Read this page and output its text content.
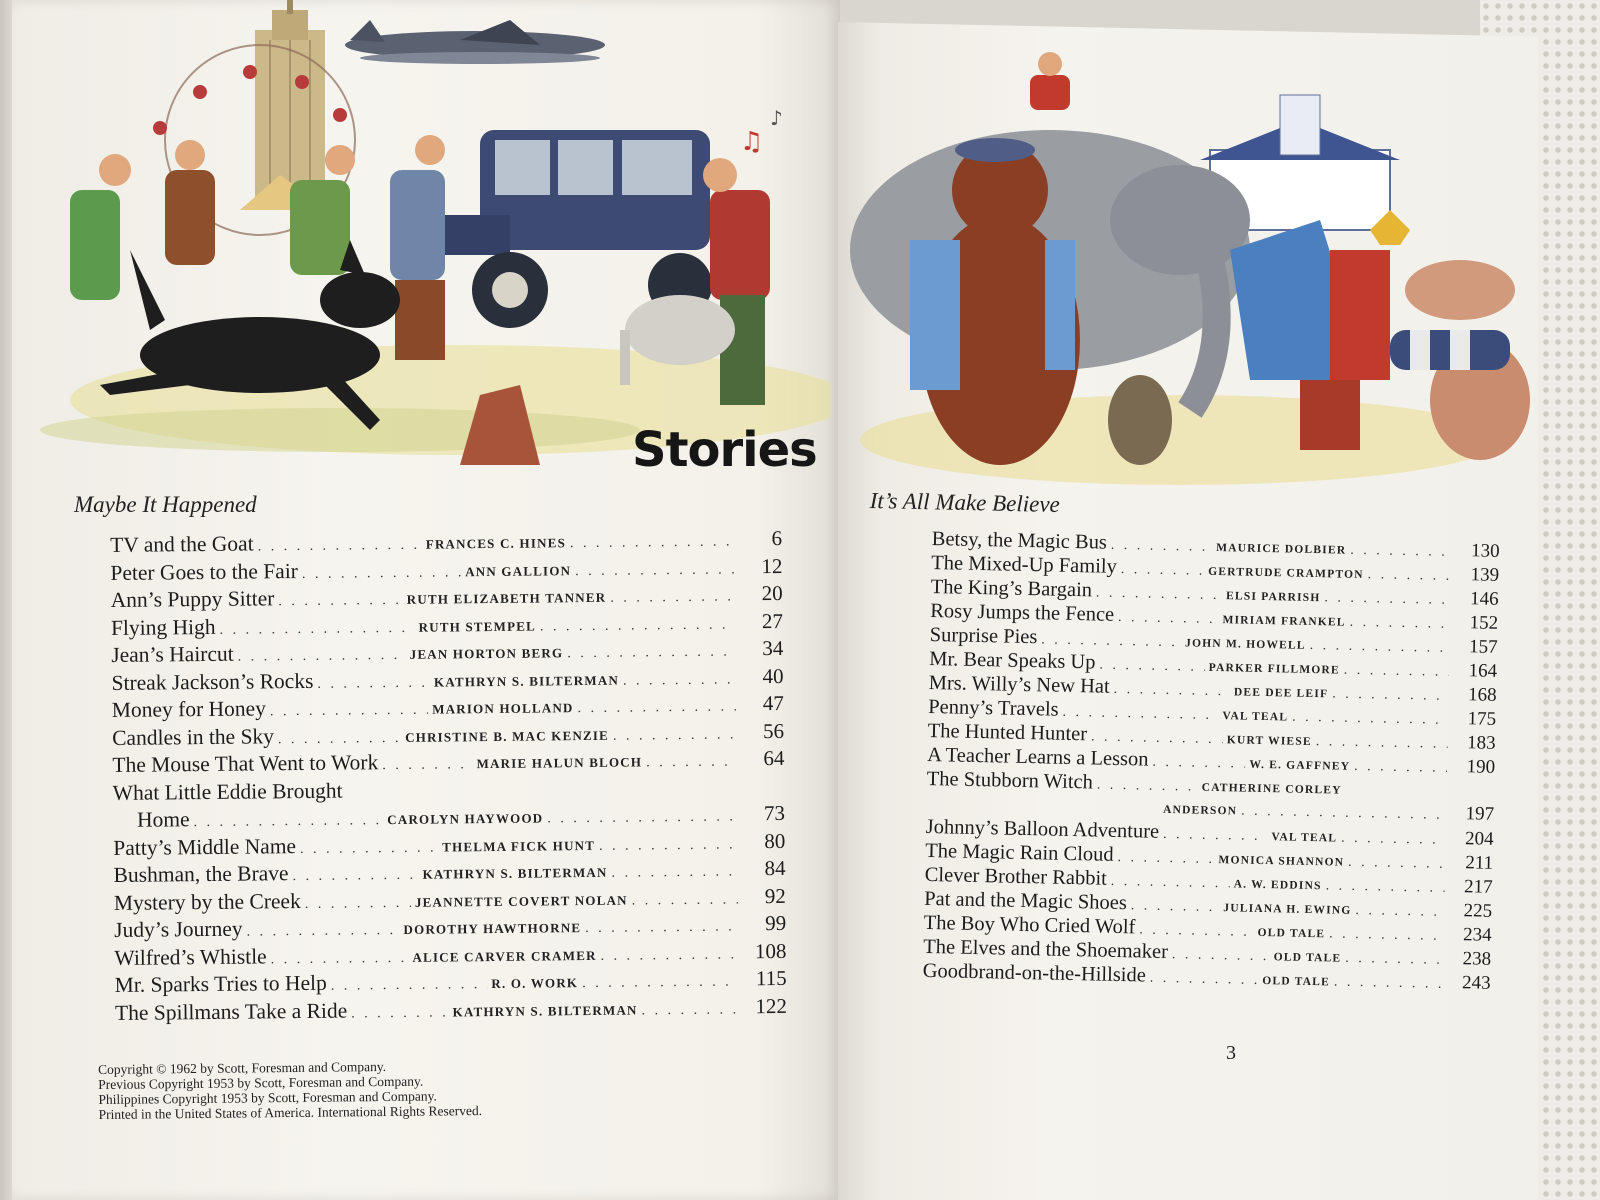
♫
♪
Stories
Maybe It Happened
TV and the Goat . . .	FRANCES C. HINES . . .	6
Peter Goes to the Fair . . .	ANN GALLION . . .	12
Ann’s Puppy Sitter . . .	RUTH ELIZABETH TANNER . . .	20
Flying High . . .	RUTH STEMPEL . . .	27
Jean’s Haircut . . .	JEAN HORTON BERG . . .	34
Streak Jackson’s Rocks . . .	KATHRYN S. BILTERMAN . . .	40
Money for Honey . . .	MARION HOLLAND . . .	47
Candles in the Sky . . .	CHRISTINE B. MAC KENZIE . . .	56
The Mouse That Went to Work . . .	MARIE HALUN BLOCH . . .	64
What Little Eddie Brought
Home . . .	CAROLYN HAYWOOD . . .	73
Patty’s Middle Name . . .	THELMA FICK HUNT . . .	80
Bushman, the Brave . . .	KATHRYN S. BILTERMAN . . .	84
Mystery by the Creek . . .	JEANNETTE COVERT NOLAN . . .	92
Judy’s Journey . . .	DOROTHY HAWTHORNE . . .	99
Wilfred’s Whistle . . .	ALICE CARVER CRAMER . . .	108
Mr. Sparks Tries to Help . . .	R. O. WORK . . .	115
The Spillmans Take a Ride . . .	KATHRYN S. BILTERMAN . . .	122
Copyright © 1962 by Scott, Foresman and Company.
Previous Copyright 1953 by Scott, Foresman and Company.
Philippines Copyright 1953 by Scott, Foresman and Company.
Printed in the United States of America. International Rights Reserved.
It’s All Make Believe
Betsy, the Magic Bus . . .	MAURICE DOLBIER . . .	130
The Mixed-Up Family . . .	GERTRUDE CRAMPTON . . .	139
The King’s Bargain . . .	ELSI PARRISH . . .	146
Rosy Jumps the Fence . . .	MIRIAM FRANKEL . . .	152
Surprise Pies . . .	JOHN M. HOWELL . . .	157
Mr. Bear Speaks Up . . .	PARKER FILLMORE . . .	164
Mrs. Willy’s New Hat . . .	DEE DEE LEIF . . .	168
Penny’s Travels . . .	VAL TEAL . . .	175
The Hunted Hunter . . .	KURT WIESE . . .	183
A Teacher Learns a Lesson . . .	W. E. GAFFNEY . . .	190
The Stubborn Witch . . .	CATHERINE CORLEY
ANDERSON . . .	197
Johnny’s Balloon Adventure . . .	VAL TEAL . . .	204
The Magic Rain Cloud . . .	MONICA SHANNON . . .	211
Clever Brother Rabbit . . .	A. W. EDDINS . . .	217
Pat and the Magic Shoes . . .	JULIANA H. EWING . . .	225
The Boy Who Cried Wolf . . .	OLD TALE . . .	234
The Elves and the Shoemaker . . .	OLD TALE . . .	238
Goodbrand-on-the-Hillside . . .	OLD TALE . . .	243
3
